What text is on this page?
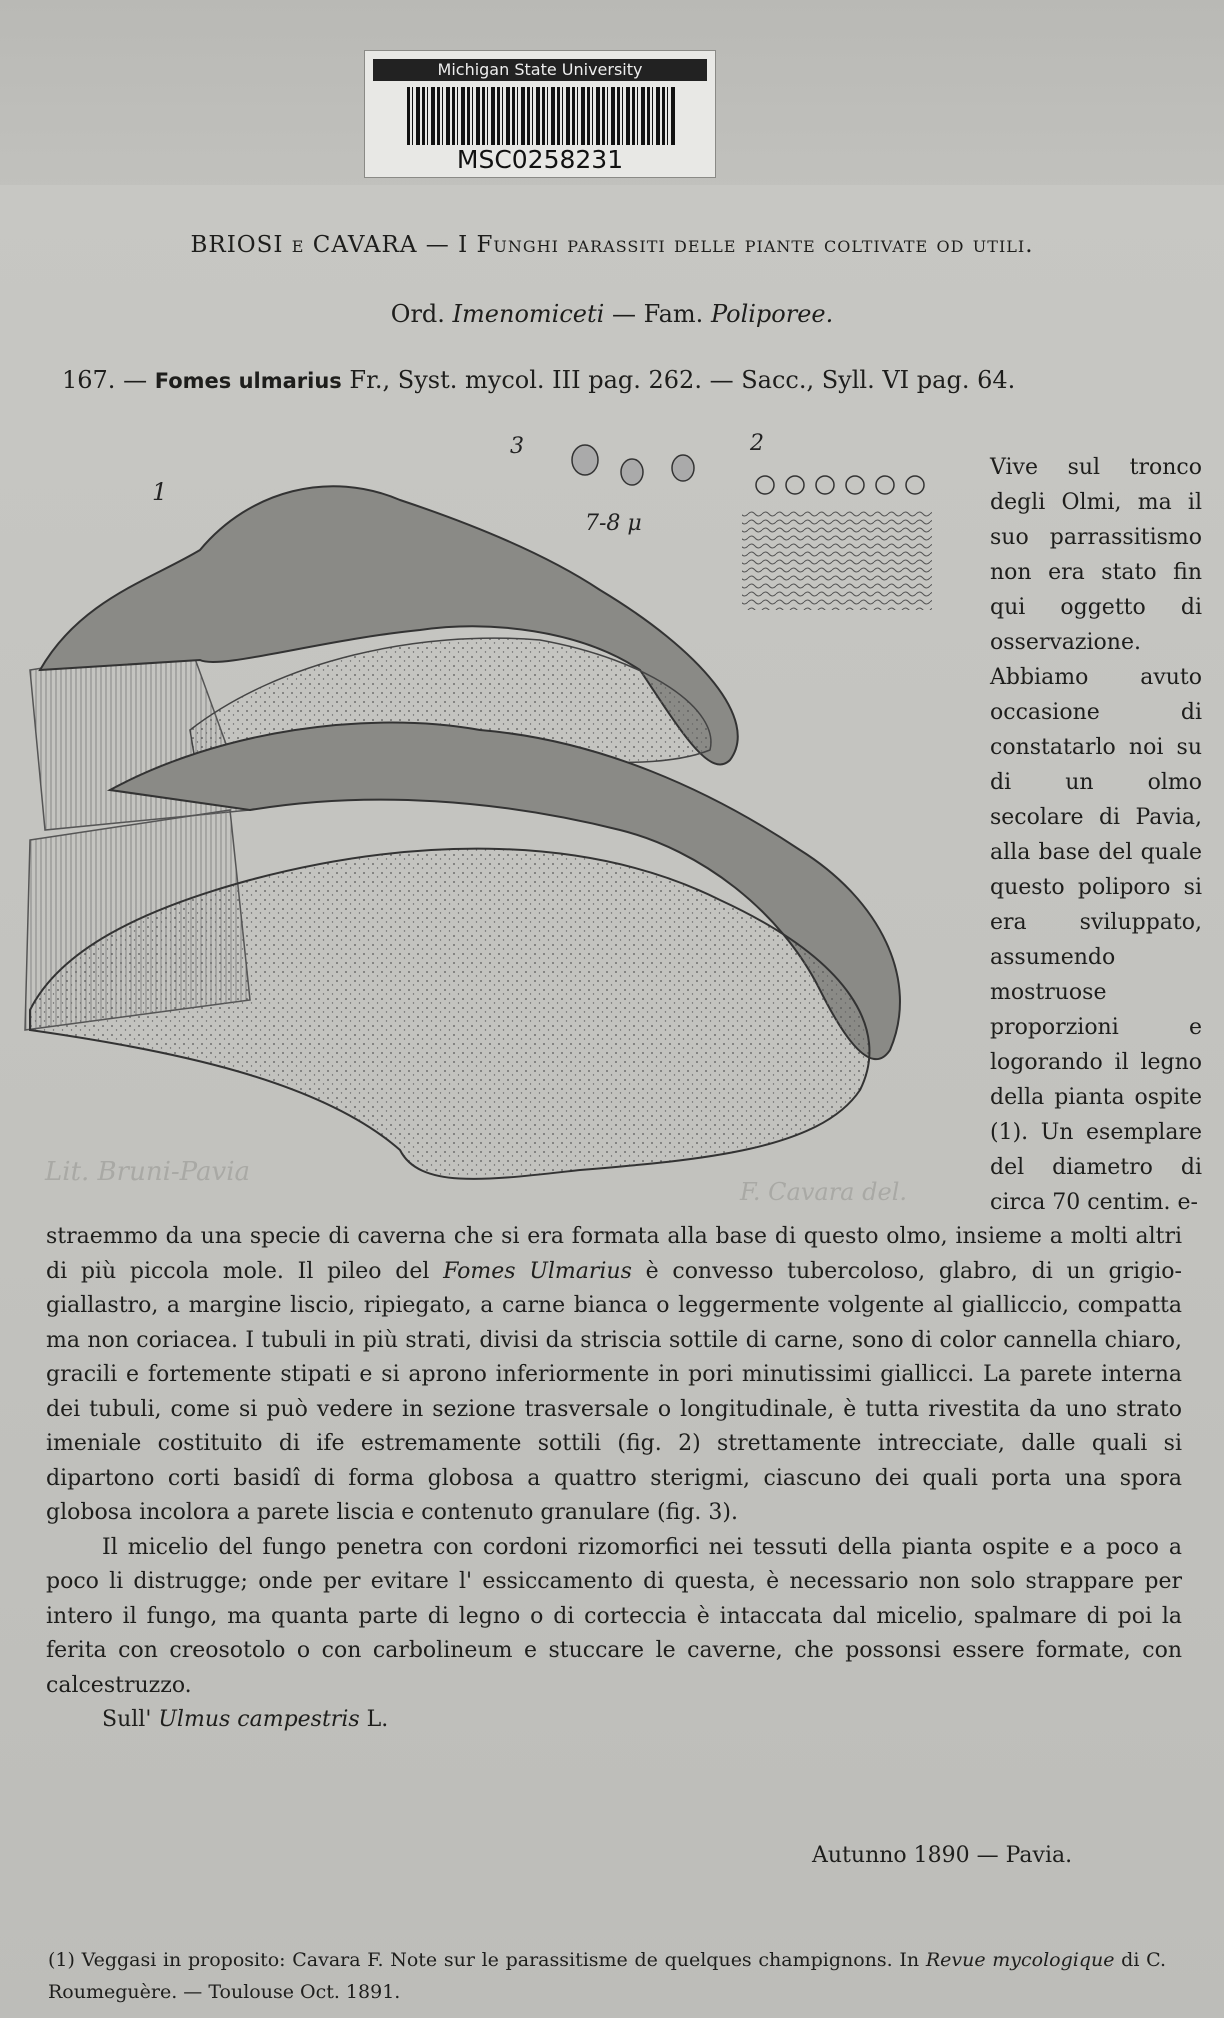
Michigan State University
MSC0258231
BRIOSI e CAVARA — I Funghi parassiti delle piante coltivate od utili.
Ord. Imenomiceti — Fam. Poliporee.
167. — Fomes ulmarius Fr., Syst. mycol. III pag. 262. — Sacc., Syll. VI pag. 64.
1
3	2
7-8 μ
Lit. Bruni-Pavia
F. Cavara del.
Vive sul tronco degli Olmi, ma il suo parrassitismo non era stato fin qui oggetto di osservazione. Abbiamo avuto occasione di constatarlo noi su di un olmo secolare di Pavia, alla base del quale questo poliporo si era sviluppato, assumendo mostruose proporzioni e logorando il legno della pianta ospite (1). Un esemplare del diametro di circa 70 centim. e-

straemmo da una specie di caverna che si era formata alla base di questo olmo, insieme a molti altri di più piccola mole. Il pileo del Fomes Ulmarius è convesso tubercoloso, glabro, di un grigio-giallastro, a margine liscio, ripiegato, a carne bianca o leggermente volgente al gialliccio, compatta ma non coriacea. I tubuli in più strati, divisi da striscia sottile di carne, sono di color cannella chiaro, gracili e fortemente stipati e si aprono inferiormente in pori minutissimi giallicci. La parete interna dei tubuli, come si può vedere in sezione trasversale o longitudinale, è tutta rivestita da uno strato imeniale costituito di ife estremamente sottili (fig. 2) strettamente intrecciate, dalle quali si dipartono corti basidî di forma globosa a quattro sterigmi, ciascuno dei quali porta una spora globosa incolora a parete liscia e contenuto granulare (fig. 3).

Il micelio del fungo penetra con cordoni rizomorfici nei tessuti della pianta ospite e a poco a poco li distrugge; onde per evitare l' essiccamento di questa, è necessario non solo strappare per intero il fungo, ma quanta parte di legno o di corteccia è intaccata dal micelio, spalmare di poi la ferita con creosotolo o con carbolineum e stuccare le caverne, che possonsi essere formate, con calcestruzzo.

Sull' Ulmus campestris L.

Autunno 1890 — Pavia.
(1) Veggasi in proposito: Cavara F. Note sur le parassitisme de quelques champignons. In Revue mycologique di C. Roumeguère. — Toulouse Oct. 1891.
